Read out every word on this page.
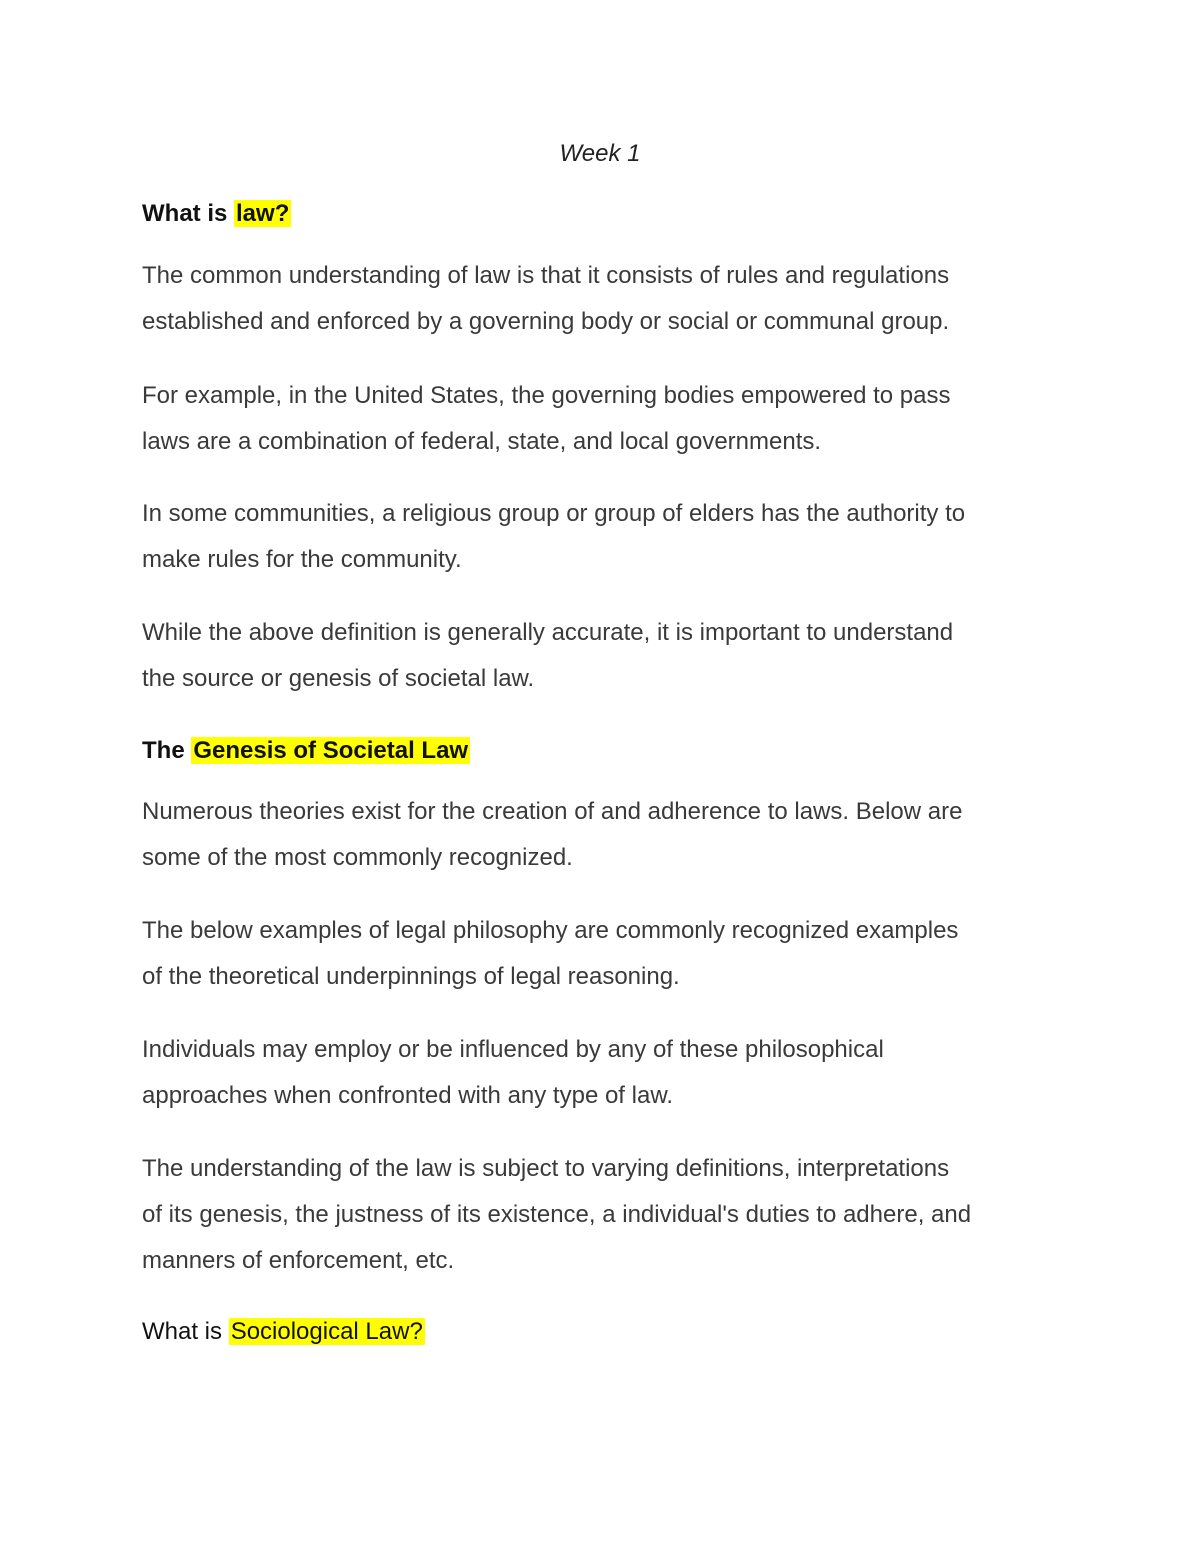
Week 1
What is law?
The common understanding of law is that it consists of rules and regulations
established and enforced by a governing body or social or communal group.
For example, in the United States, the governing bodies empowered to pass
laws are a combination of federal, state, and local governments.
In some communities, a religious group or group of elders has the authority to
make rules for the community.
While the above definition is generally accurate, it is important to understand
the source or genesis of societal law.
The Genesis of Societal Law
Numerous theories exist for the creation of and adherence to laws. Below are
some of the most commonly recognized.
The below examples of legal philosophy are commonly recognized examples
of the theoretical underpinnings of legal reasoning.
Individuals may employ or be influenced by any of these philosophical
approaches when confronted with any type of law.
The understanding of the law is subject to varying definitions, interpretations
of its genesis, the justness of its existence, a individual's duties to adhere, and
manners of enforcement, etc.
What is Sociological Law?
